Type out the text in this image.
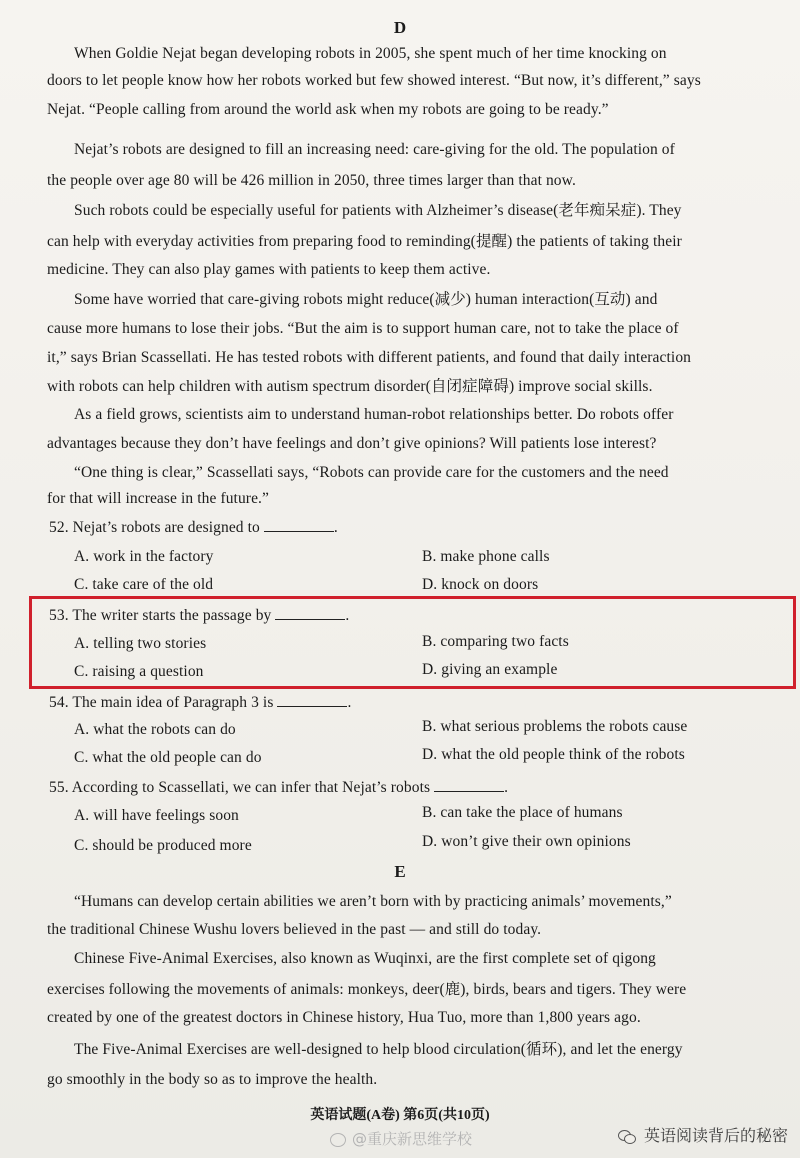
D
When Goldie Nejat began developing robots in 2005, she spent much of her time knocking on
doors to let people know how her robots worked but few showed interest. “But now, it’s different,” says
Nejat. “People calling from around the world ask when my robots are going to be ready.”
Nejat’s robots are designed to fill an increasing need: care-giving for the old. The population of
the people over age 80 will be 426 million in 2050, three times larger than that now.
Such robots could be especially useful for patients with Alzheimer’s disease(老年痴呆症). They
can help with everyday activities from preparing food to reminding(提醒) the patients of taking their
medicine. They can also play games with patients to keep them active.
Some have worried that care-giving robots might reduce(减少) human interaction(互动) and
cause more humans to lose their jobs. “But the aim is to support human care, not to take the place of
it,” says Brian Scassellati. He has tested robots with different patients, and found that daily interaction
with robots can help children with autism spectrum disorder(自闭症障碍) improve social skills.
As a field grows, scientists aim to understand human-robot relationships better. Do robots offer
advantages because they don’t have feelings and don’t give opinions? Will patients lose interest?
“One thing is clear,” Scassellati says, “Robots can provide care for the customers and the need
for that will increase in the future.”
52. Nejat’s robots are designed to	.
A. work in the factory	B. make phone calls
C. take care of the old	D. knock on doors
53. The writer starts the passage by	.
A. telling two stories	B. comparing two facts
C. raising a question	D. giving an example
54. The main idea of Paragraph 3 is	.
A. what the robots can do	B. what serious problems the robots cause
C. what the old people can do	D. what the old people think of the robots
55. According to Scassellati, we can infer that Nejat’s robots	.
A. will have feelings soon	B. can take the place of humans
C. should be produced more	D. won’t give their own opinions
E
“Humans can develop certain abilities we aren’t born with by practicing animals’ movements,”
the traditional Chinese Wushu lovers believed in the past — and still do today.
Chinese Five-Animal Exercises, also known as Wuqinxi, are the first complete set of qigong
exercises following the movements of animals: monkeys, deer(鹿), birds, bears and tigers. They were
created by one of the greatest doctors in Chinese history, Hua Tuo, more than 1,800 years ago.
The Five-Animal Exercises are well-designed to help blood circulation(循环), and let the energy
go smoothly in the body so as to improve the health.
英语试题(A卷) 第6页(共10页)
@重庆新思维学校	英语阅读背后的秘密
